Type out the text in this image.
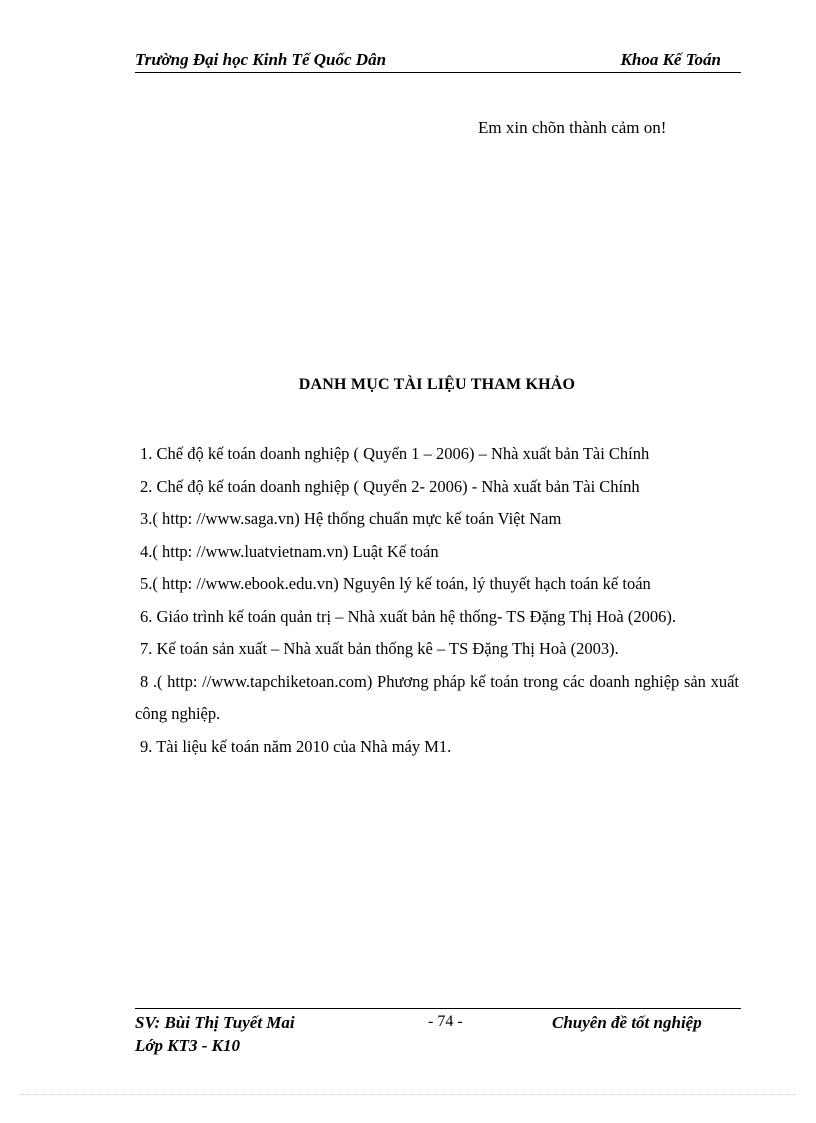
Trường Đại học Kinh Tế Quốc Dân	Khoa Kế Toán
Em xin chõn thành cảm on!
DANH MỤC TÀI LIỆU THAM KHẢO
1. Chế độ kế toán doanh nghiệp ( Quyển 1 – 2006) – Nhà xuất bản Tài Chính
2. Chế độ kế toán doanh nghiệp ( Quyển 2- 2006) - Nhà xuất bản Tài Chính
3.( http: //www.saga.vn) Hệ thống chuẩn mực kế toán Việt Nam
4.( http: //www.luatvietnam.vn) Luật Kế toán
5.( http: //www.ebook.edu.vn) Nguyên lý kế toán, lý thuyết hạch toán kế toán
6. Giáo trình kế toán quản trị – Nhà xuất bản hệ thống- TS Đặng Thị Hoà (2006).
7. Kế toán sản xuất – Nhà xuất bản thống kê – TS Đặng Thị Hoà (2003).
8 .( http: //www.tapchiketoan.com) Phương pháp kế toán trong các doanh nghiệp sản xuất công nghiệp.
9. Tài liệu kế toán năm 2010 của Nhà máy M1.
SV: Bùi Thị Tuyết Mai
Lớp KT3 - K10
- 74 -	Chuyên đề tốt nghiệp
